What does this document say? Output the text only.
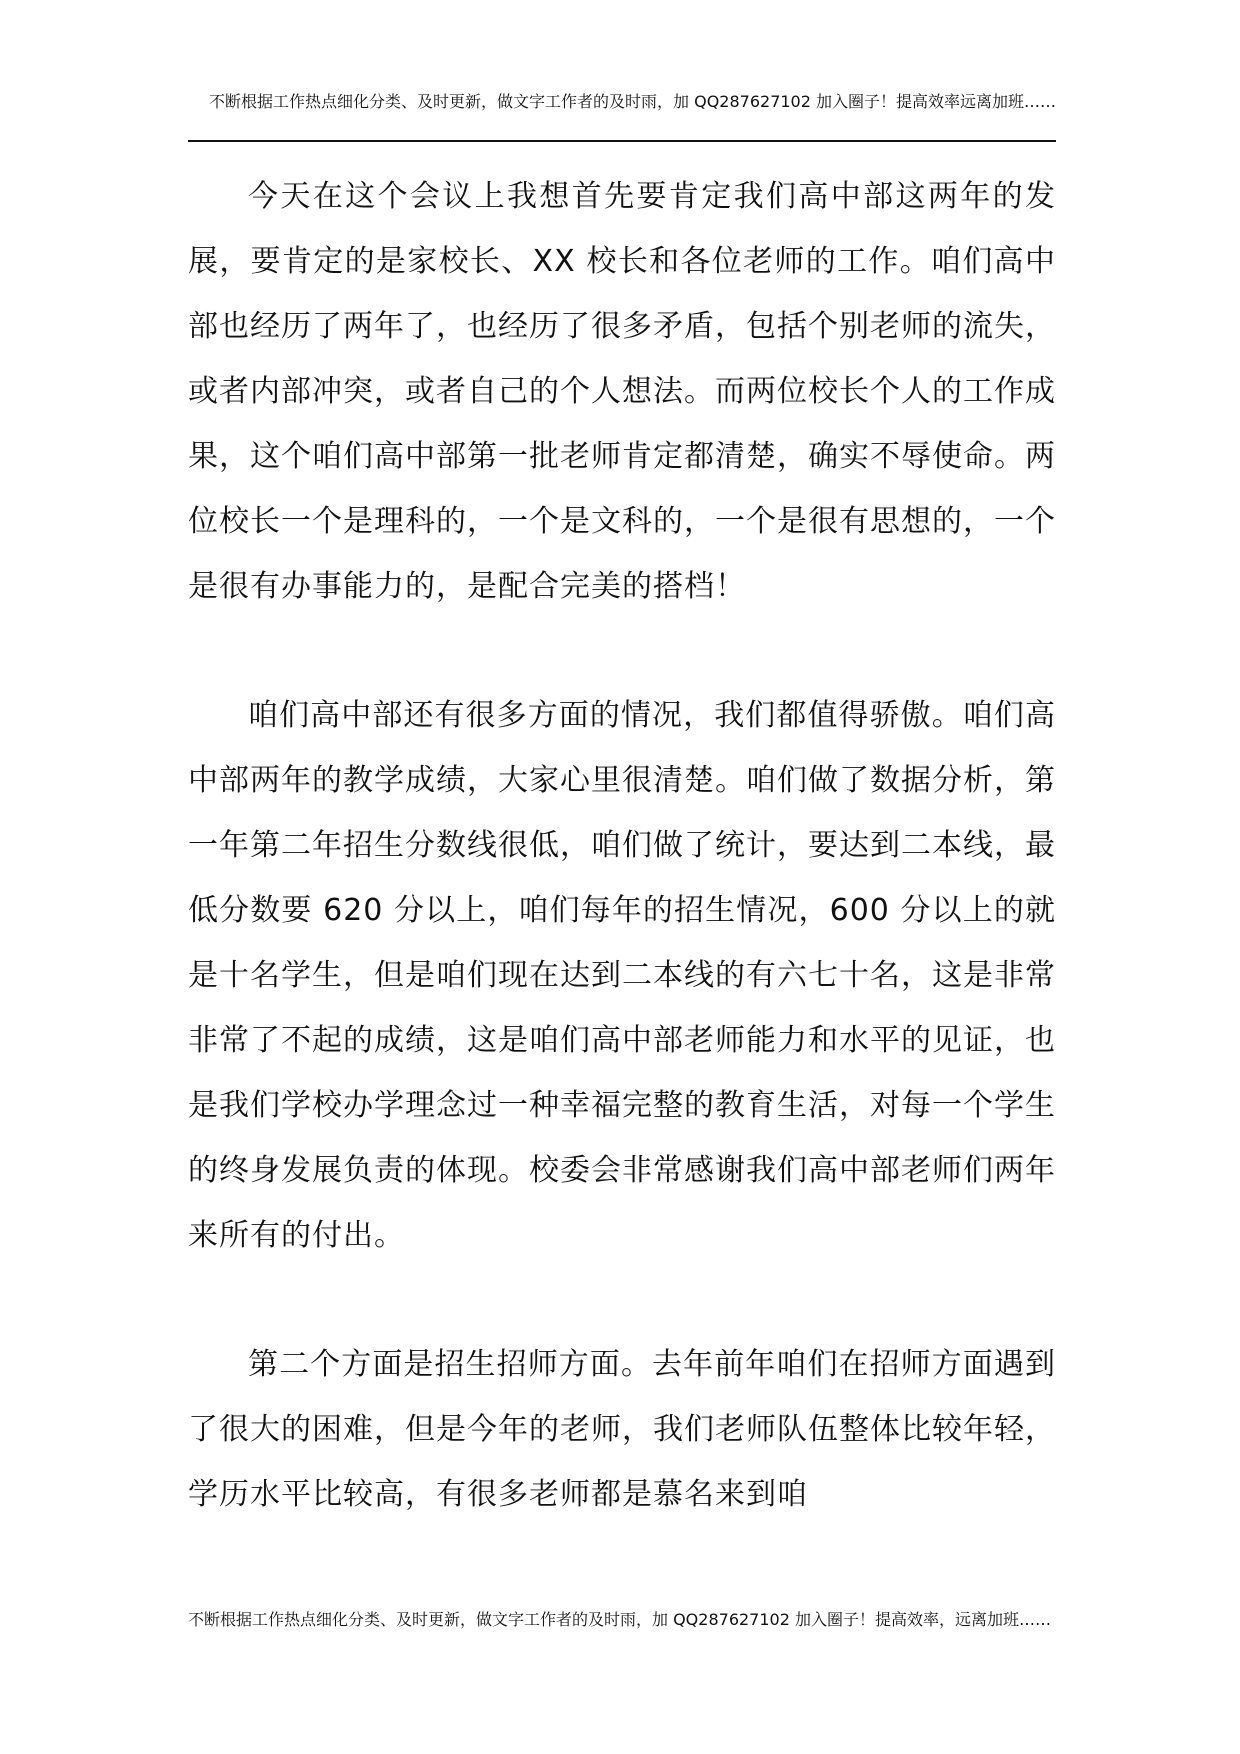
不断根据工作热点细化分类、及时更新，做文字工作者的及时雨，加 QQ287627102 加入圈子！提高效率远离加班……

今天在这个会议上我想首先要肯定我们高中部这两年的发展，要肯定的是家校长、XX 校长和各位老师的工作。咱们高中部也经历了两年了，也经历了很多矛盾，包括个别老师的流失，或者内部冲突，或者自己的个人想法。而两位校长个人的工作成果，这个咱们高中部第一批老师肯定都清楚，确实不辱使命。两位校长一个是理科的，一个是文科的，一个是很有思想的，一个是很有办事能力的，是配合完美的搭档！

咱们高中部还有很多方面的情况，我们都值得骄傲。咱们高中部两年的教学成绩，大家心里很清楚。咱们做了数据分析，第一年第二年招生分数线很低，咱们做了统计，要达到二本线，最低分数要 620 分以上，咱们每年的招生情况，600 分以上的就是十名学生，但是咱们现在达到二本线的有六七十名，这是非常非常了不起的成绩，这是咱们高中部老师能力和水平的见证，也是我们学校办学理念过一种幸福完整的教育生活，对每一个学生的终身发展负责的体现。校委会非常感谢我们高中部老师们两年来所有的付出。

第二个方面是招生招师方面。去年前年咱们在招师方面遇到了很大的困难，但是今年的老师，我们老师队伍整体比较年轻，学历水平比较高，有很多老师都是慕名来到咱

不断根据工作热点细化分类、及时更新，做文字工作者的及时雨，加 QQ287627102 加入圈子！提高效率，远离加班……
